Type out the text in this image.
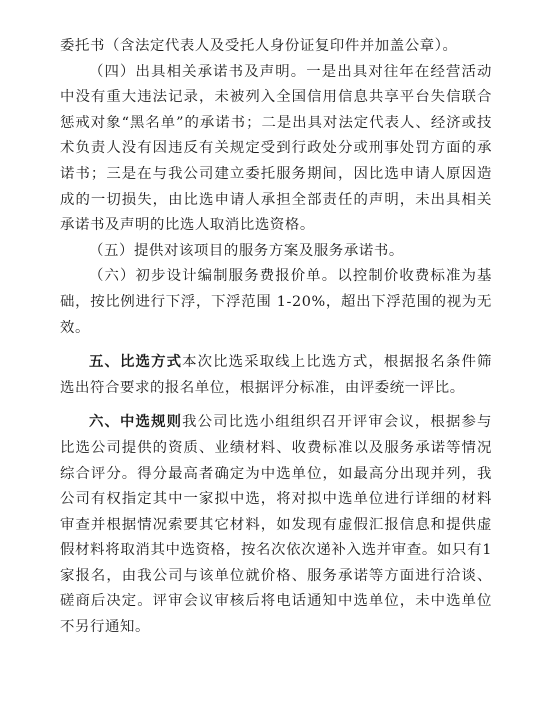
委托书（含法定代表人及受托人身份证复印件并加盖公章）。

（四）出具相关承诺书及声明。一是出具对往年在经营活动中没有重大违法记录，未被列入全国信用信息共享平台失信联合惩戒对象“黑名单”的承诺书；二是出具对法定代表人、经济或技术负责人没有因违反有关规定受到行政处分或刑事处罚方面的承诺书；三是在与我公司建立委托服务期间，因比选申请人原因造成的一切损失，由比选申请人承担全部责任的声明，未出具相关承诺书及声明的比选人取消比选资格。

（五）提供对该项目的服务方案及服务承诺书。

（六）初步设计编制服务费报价单。以控制价收费标准为基础，按比例进行下浮，下浮范围 1-20%，超出下浮范围的视为无效。

五、比选方式本次比选采取线上比选方式，根据报名条件筛选出符合要求的报名单位，根据评分标准，由评委统一评比。

六、中选规则我公司比选小组组织召开评审会议，根据参与比选公司提供的资质、业绩材料、收费标准以及服务承诺等情况综合评分。得分最高者确定为中选单位，如最高分出现并列，我公司有权指定其中一家拟中选，将对拟中选单位进行详细的材料审查并根据情况索要其它材料，如发现有虚假汇报信息和提供虚假材料将取消其中选资格，按名次依次递补入选并审查。如只有1家报名，由我公司与该单位就价格、服务承诺等方面进行洽谈、磋商后决定。评审会议审核后将电话通知中选单位，未中选单位不另行通知。
